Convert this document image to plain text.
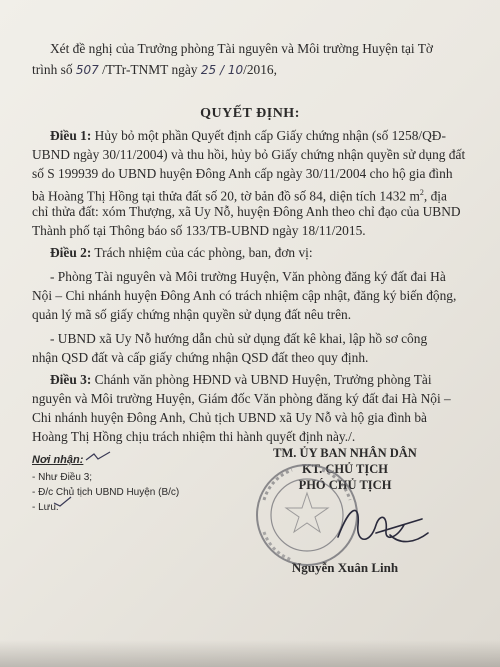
Xét đề nghị của Trưởng phòng Tài nguyên và Môi trường Huyện tại Tờ
trình số 507 /TTr-TNMT ngày 25 / 10/2016,
QUYẾT ĐỊNH:
Điều 1: Hủy bỏ một phần Quyết định cấp Giấy chứng nhận (số 1258/QĐ-
UBND ngày 30/11/2004) và thu hồi, hủy bỏ Giấy chứng nhận quyền sử dụng đất
số S 199939 do UBND huyện Đông Anh cấp ngày 30/11/2004 cho hộ gia đình
bà Hoàng Thị Hồng tại thửa đất số 20, tờ bản đồ số 84, diện tích 1432 $m^2$, địa
chỉ thửa đất: xóm Thượng, xã Uy Nỗ, huyện Đông Anh theo chỉ đạo của UBND
Thành phố tại Thông báo số 133/TB-UBND ngày 18/11/2015.
Điều 2: Trách nhiệm của các phòng, ban, đơn vị:
- Phòng Tài nguyên và Môi trường Huyện, Văn phòng đăng ký đất đai Hà
Nội – Chi nhánh huyện Đông Anh có trách nhiệm cập nhật, đăng ký biến động,
quản lý mã số giấy chứng nhận quyền sử dụng đất nêu trên.
- UBND xã Uy Nỗ hướng dẫn chủ sử dụng đất kê khai, lập hồ sơ công
nhận QSD đất và cấp giấy chứng nhận QSD đất theo quy định.
Điều 3: Chánh văn phòng HĐND và UBND Huyện, Trưởng phòng Tài
nguyên và Môi trường Huyện, Giám đốc Văn phòng đăng ký đất đai Hà Nội –
Chi nhánh huyện Đông Anh, Chủ tịch UBND xã Uy Nỗ và hộ gia đình bà
Hoàng Thị Hồng chịu trách nhiệm thi hành quyết định này./.
Nơi nhận:
- Như Điều 3;
- Đ/c Chủ tịch UBND Huyện (B/c)
- Lưu.
TM. ỦY BAN NHÂN DÂN
KT. CHỦ TỊCH
PHÓ CHỦ TỊCH
Nguyễn Xuân Linh
